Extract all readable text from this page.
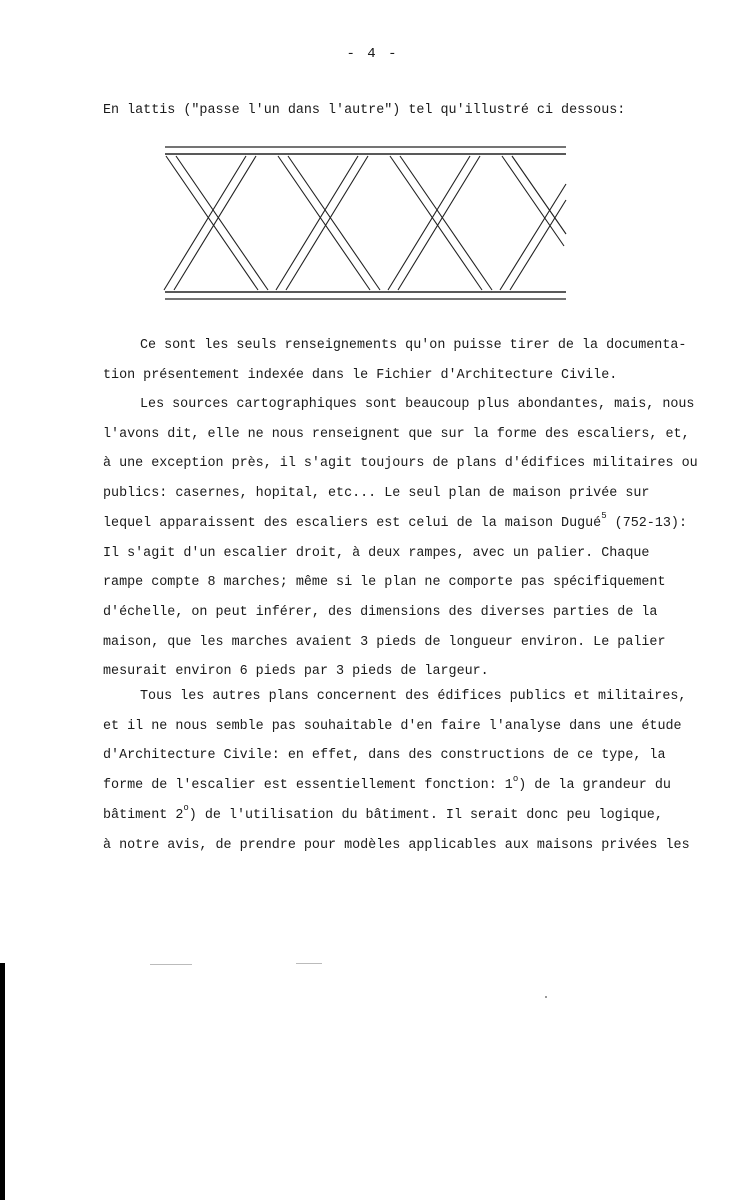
- 4 -
En lattis ("passe l'un dans l'autre") tel qu'illustré ci dessous:
Ce sont les seuls renseignements qu'on puisse tirer de la documenta-
tion présentement indexée dans le Fichier d'Architecture Civile.
Les sources cartographiques sont beaucoup plus abondantes, mais, nous
l'avons dit, elle ne nous renseignent que sur la forme des escaliers, et,
à une exception près, il s'agit toujours de plans d'édifices militaires ou
publics: casernes, hopital, etc... Le seul plan de maison privée sur
lequel apparaissent des escaliers est celui de la maison Dugué$^5$ (752-13):
Il s'agit d'un escalier droit, à deux rampes, avec un palier. Chaque
rampe compte 8 marches; même si le plan ne comporte pas spécifiquement
d'échelle, on peut inférer, des dimensions des diverses parties de la
maison, que les marches avaient 3 pieds de longueur environ. Le palier
mesurait environ 6 pieds par 3 pieds de largeur.
Tous les autres plans concernent des édifices publics et militaires,
et il ne nous semble pas souhaitable d'en faire l'analyse dans une étude
d'Architecture Civile: en effet, dans des constructions de ce type, la
forme de l'escalier est essentiellement fonction: 1$^o$) de la grandeur du
bâtiment 2$^o$) de l'utilisation du bâtiment. Il serait donc peu logique,
à notre avis, de prendre pour modèles applicables aux maisons privées les
